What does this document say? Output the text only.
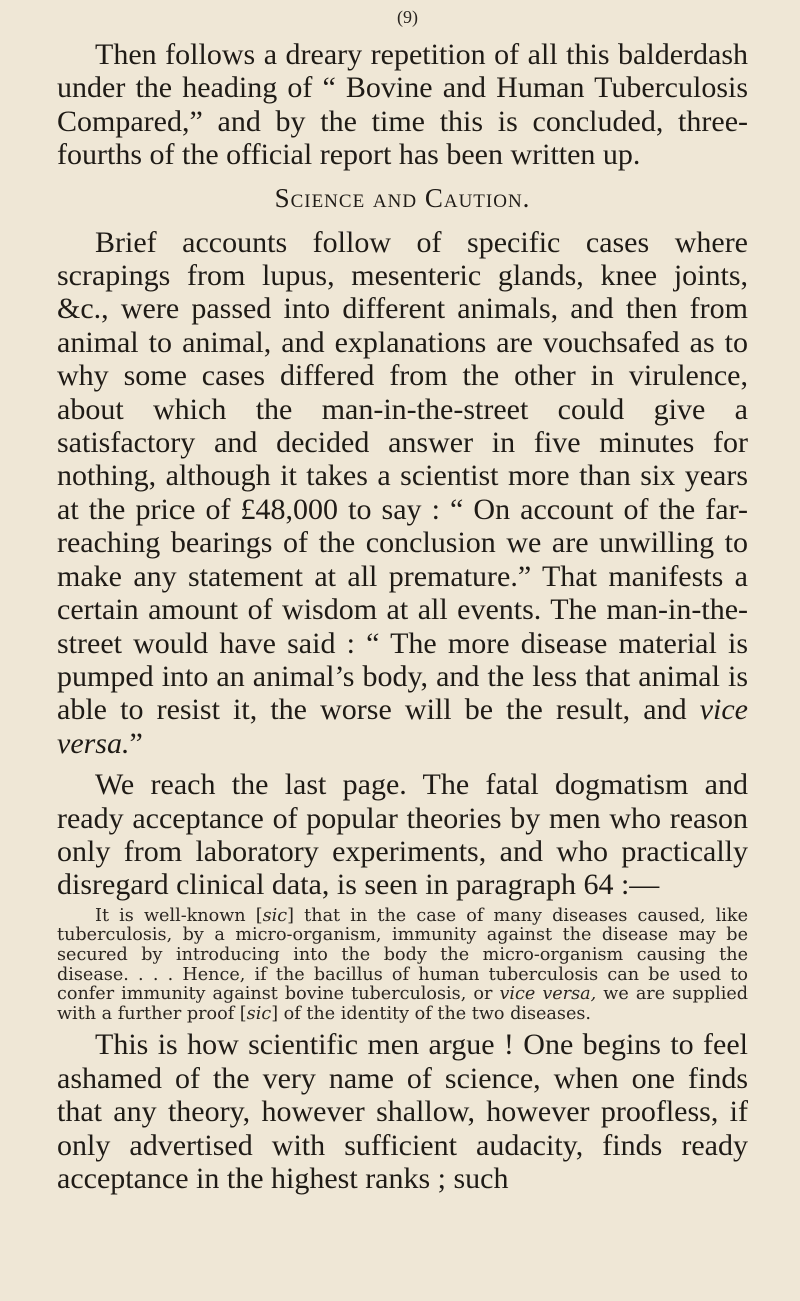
(9)

Then follows a dreary repetition of all this balderdash under the heading of “ Bovine and Human Tuberculosis Compared,” and by the time this is concluded, three-fourths of the official report has been written up.

Science and Caution.

Brief accounts follow of specific cases where scrapings from lupus, mesenteric glands, knee joints, &c., were passed into different animals, and then from animal to animal, and explanations are vouchsafed as to why some cases differed from the other in virulence, about which the man-in-the-street could give a satisfactory and decided answer in five minutes for nothing, although it takes a scientist more than six years at the price of £48,000 to say : “ On account of the far-reaching bearings of the conclusion we are unwilling to make any statement at all premature.” That manifests a certain amount of wisdom at all events. The man-in-the-street would have said : “ The more disease material is pumped into an animal’s body, and the less that animal is able to resist it, the worse will be the result, and vice versa.”

We reach the last page. The fatal dogmatism and ready acceptance of popular theories by men who reason only from laboratory experiments, and who practically disregard clinical data, is seen in paragraph 64 :—

It is well-known [sic] that in the case of many diseases caused, like tuberculosis, by a micro-organism, immunity against the disease may be secured by introducing into the body the micro-organism causing the disease. . . . Hence, if the bacillus of human tuberculosis can be used to confer immunity against bovine tuberculosis, or vice versa, we are supplied with a further proof [sic] of the identity of the two diseases.

This is how scientific men argue ! One begins to feel ashamed of the very name of science, when one finds that any theory, however shallow, however proofless, if only advertised with sufficient audacity, finds ready acceptance in the highest ranks ; such
